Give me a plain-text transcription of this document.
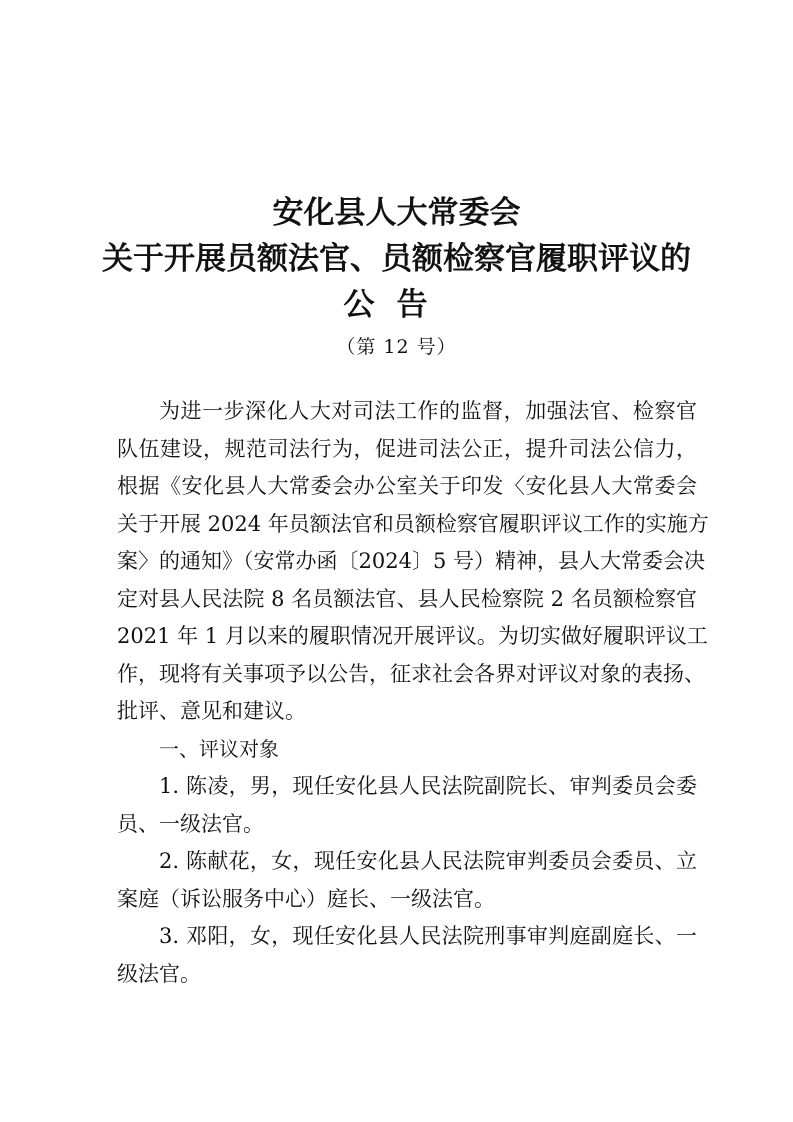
安化县人大常委会
关于开展员额法官、员额检察官履职评议的
公告
（第 12 号）
为进一步深化人大对司法工作的监督，加强法官、检察官
队伍建设，规范司法行为，促进司法公正，提升司法公信力，
根据《安化县人大常委会办公室关于印发〈安化县人大常委会
关于开展 2024 年员额法官和员额检察官履职评议工作的实施方
案〉的通知》（安常办函〔2024〕5 号）精神，县人大常委会决
定对县人民法院 8 名员额法官、县人民检察院 2 名员额检察官
2021 年 1 月以来的履职情况开展评议。为切实做好履职评议工
作，现将有关事项予以公告，征求社会各界对评议对象的表扬、
批评、意见和建议。
一、评议对象
1. 陈凌，男，现任安化县人民法院副院长、审判委员会委
员、一级法官。
2. 陈献花，女，现任安化县人民法院审判委员会委员、立
案庭（诉讼服务中心）庭长、一级法官。
3. 邓阳，女，现任安化县人民法院刑事审判庭副庭长、一
级法官。
